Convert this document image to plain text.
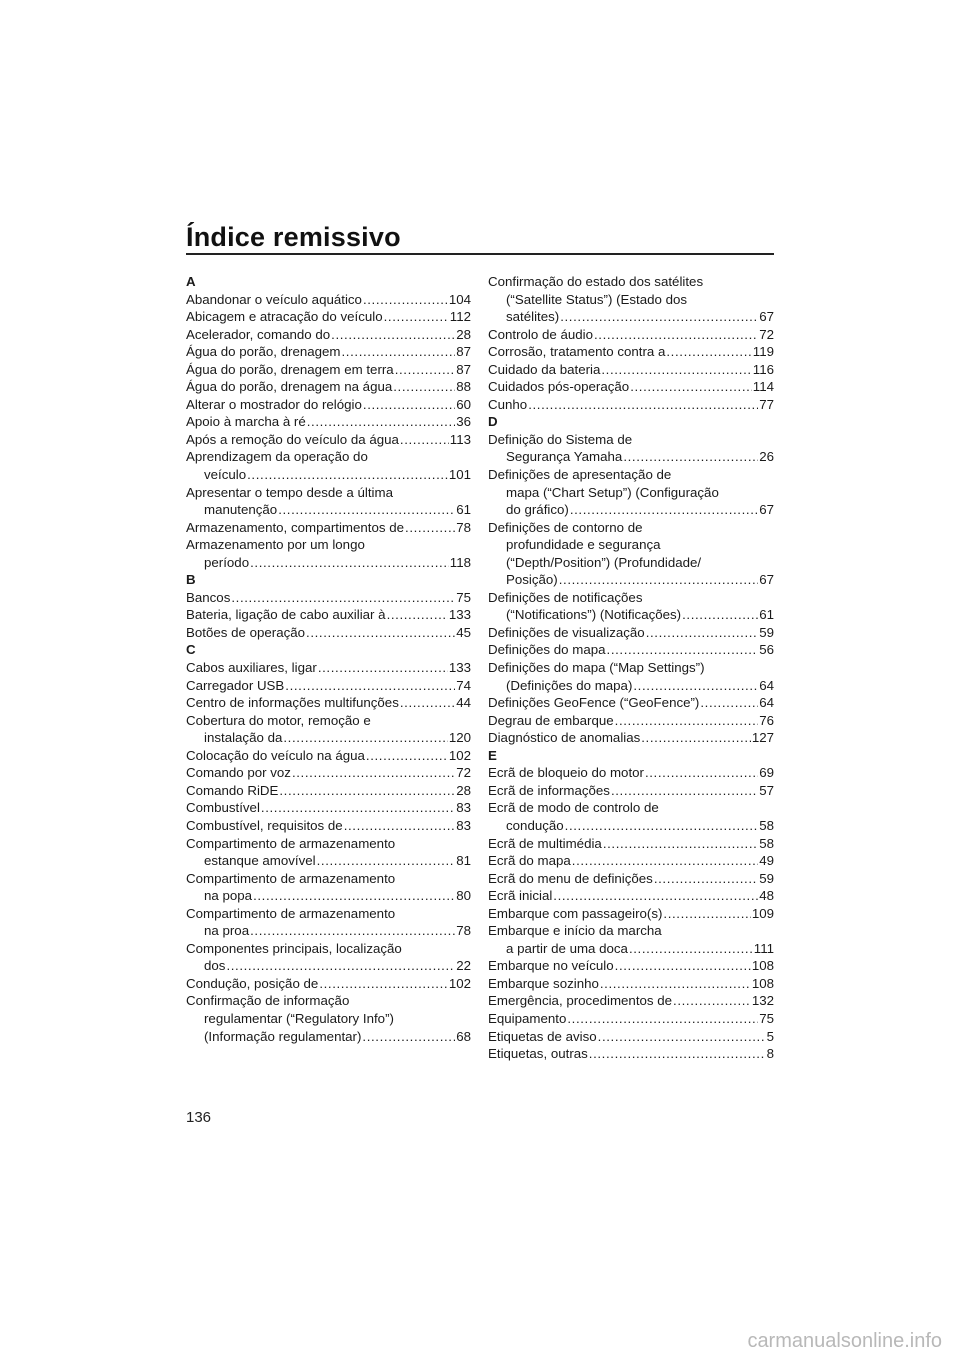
Índice remissivo
A
Abandonar o veículo aquático .....	104
Abicagem e atracação do veículo .....	112
Acelerador, comando do .....	28
Água do porão, drenagem .....	87
Água do porão, drenagem em terra .....	87
Água do porão, drenagem na água .....	88
Alterar o mostrador do relógio .....	60
Apoio à marcha à ré .....	36
Após a remoção do veículo da água .....	113
Aprendizagem da operação do
veículo .....	101
Apresentar o tempo desde a última
manutenção .....	61
Armazenamento, compartimentos de .....	78
Armazenamento por um longo
período .....	118
B
Bancos .....	75
Bateria, ligação de cabo auxiliar à .....	133
Botões de operação .....	45
C
Cabos auxiliares, ligar .....	133
Carregador USB .....	74
Centro de informações multifunções .....	44
Cobertura do motor, remoção e
instalação da .....	120
Colocação do veículo na água .....	102
Comando por voz .....	72
Comando RiDE .....	28
Combustível .....	83
Combustível, requisitos de .....	83
Compartimento de armazenamento
estanque amovível .....	81
Compartimento de armazenamento
na popa .....	80
Compartimento de armazenamento
na proa .....	78
Componentes principais, localização
dos .....	22
Condução, posição de .....	102
Confirmação de informação
regulamentar (“Regulatory Info”)
(Informação regulamentar) .....	68
Confirmação do estado dos satélites
(“Satellite Status”) (Estado dos
satélites) .....	67
Controlo de áudio .....	72
Corrosão, tratamento contra a .....	119
Cuidado da bateria .....	116
Cuidados pós-operação .....	114
Cunho .....	77
D
Definição do Sistema de
Segurança Yamaha .....	26
Definições de apresentação de
mapa (“Chart Setup”) (Configuração
do gráfico) .....	67
Definições de contorno de
profundidade e segurança
(“Depth/Position”) (Profundidade/
Posição) .....	67
Definições de notificações
(“Notifications”) (Notificações) .....	61
Definições de visualização .....	59
Definições do mapa .....	56
Definições do mapa (“Map Settings”)
(Definições do mapa) .....	64
Definições GeoFence (“GeoFence”) .....	64
Degrau de embarque .....	76
Diagnóstico de anomalias .....	127
E
Ecrã de bloqueio do motor .....	69
Ecrã de informações .....	57
Ecrã de modo de controlo de
condução .....	58
Ecrã de multimédia .....	58
Ecrã do mapa .....	49
Ecrã do menu de definições .....	59
Ecrã inicial .....	48
Embarque com passageiro(s) .....	109
Embarque e início da marcha
a partir de uma doca .....	111
Embarque no veículo .....	108
Embarque sozinho .....	108
Emergência, procedimentos de .....	132
Equipamento .....	75
Etiquetas de aviso .....	5
Etiquetas, outras .....	8
136
carmanualsonline.info
